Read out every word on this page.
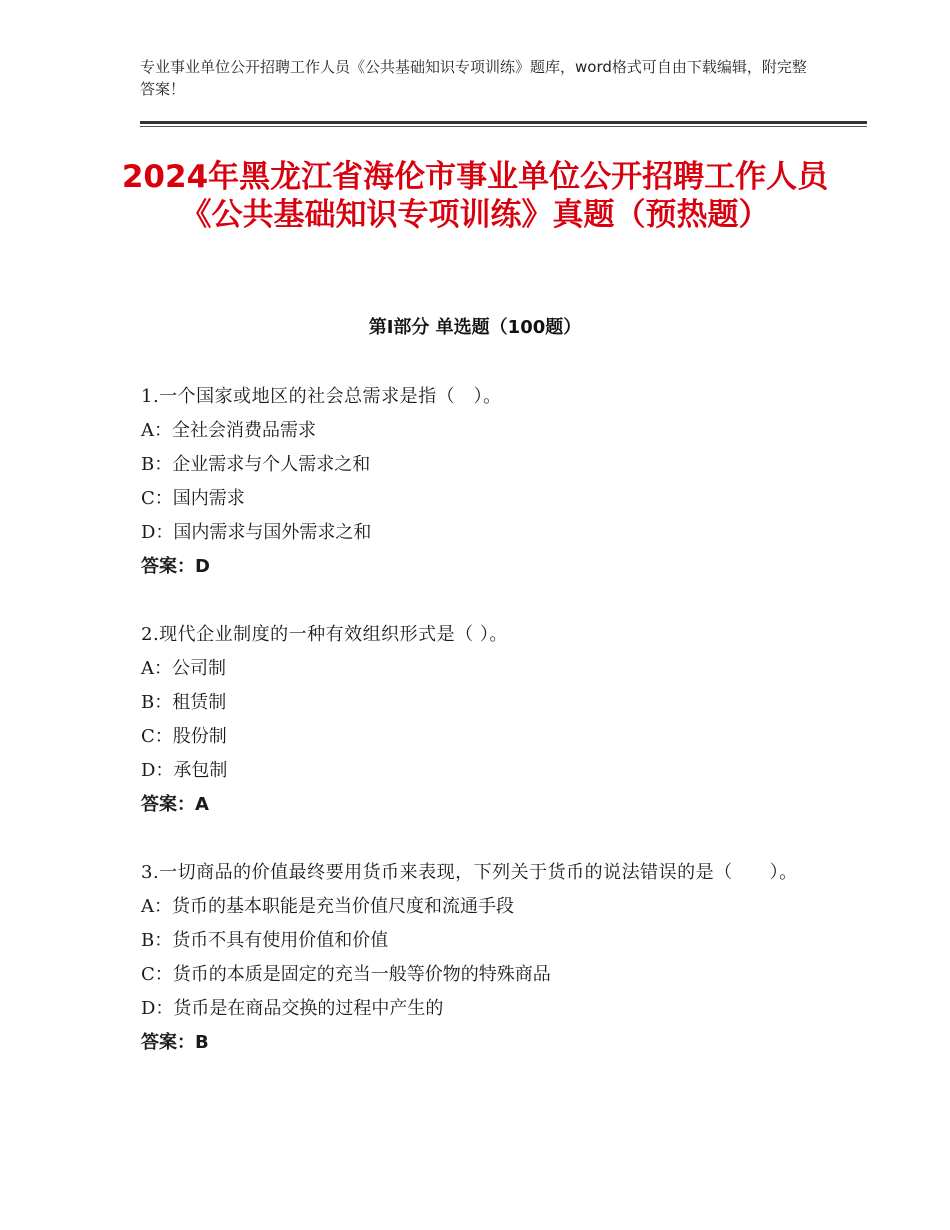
专业事业单位公开招聘工作人员《公共基础知识专项训练》题库，word格式可自由下载编辑，附完整答案！
2024年黑龙江省海伦市事业单位公开招聘工作人员《公共基础知识专项训练》真题（预热题）
第Ⅰ部分 单选题（100题）
1.一个国家或地区的社会总需求是指（　）。
A：全社会消费品需求
B：企业需求与个人需求之和
C：国内需求
D：国内需求与国外需求之和
答案：D
2.现代企业制度的一种有效组织形式是（ ）。
A：公司制
B：租赁制
C：股份制
D：承包制
答案：A
3.一切商品的价值最终要用货币来表现，下列关于货币的说法错误的是（　　）。
A：货币的基本职能是充当价值尺度和流通手段
B：货币不具有使用价值和价值
C：货币的本质是固定的充当一般等价物的特殊商品
D：货币是在商品交换的过程中产生的
答案：B
